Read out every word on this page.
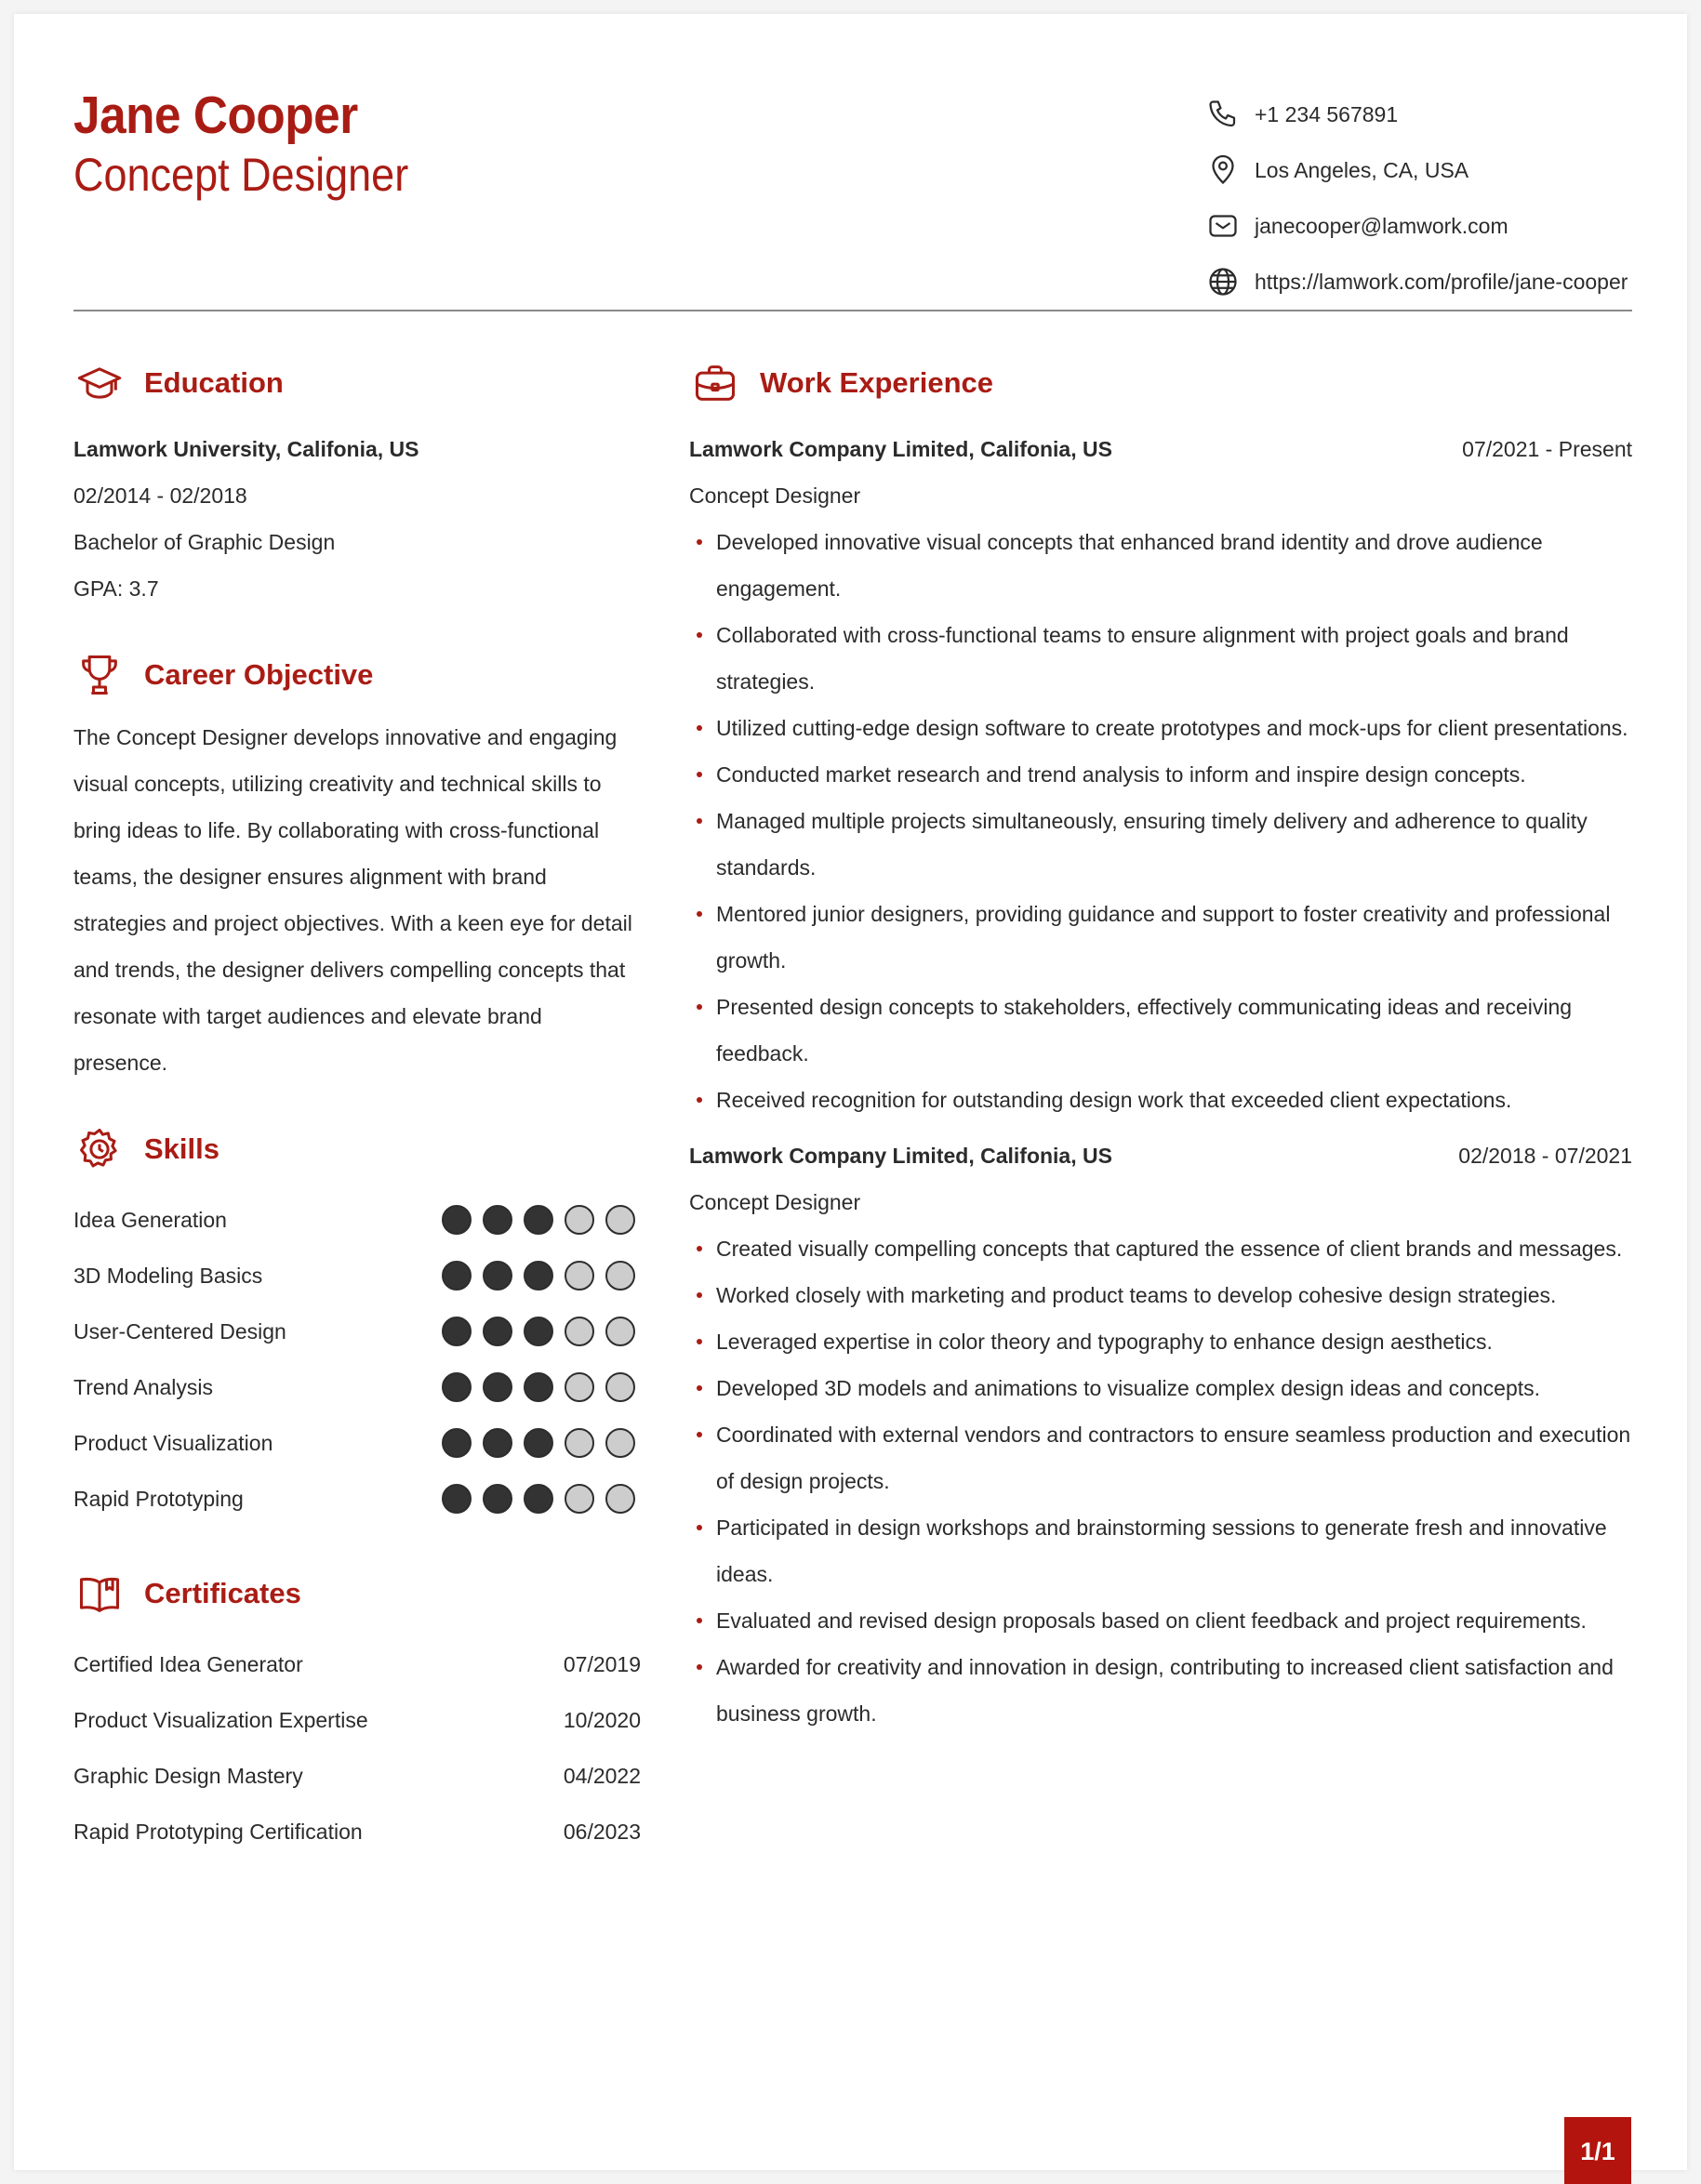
Jane Cooper
Concept Designer
+1 234 567891
Los Angeles, CA, USA
janecooper@lamwork.com
https://lamwork.com/profile/jane-cooper
Education
Lamwork University, Califonia, US
02/2014 - 02/2018
Bachelor of Graphic Design
GPA: 3.7
Career Objective
The Concept Designer develops innovative and engaging visual concepts, utilizing creativity and technical skills to bring ideas to life. By collaborating with cross-functional teams, the designer ensures alignment with brand strategies and project objectives. With a keen eye for detail and trends, the designer delivers compelling concepts that resonate with target audiences and elevate brand presence.
Skills
Idea Generation
3D Modeling Basics
User-Centered Design
Trend Analysis
Product Visualization
Rapid Prototyping
Certificates
Certified Idea Generator	07/2019
Product Visualization Expertise	10/2020
Graphic Design Mastery	04/2022
Rapid Prototyping Certification	06/2023
Work Experience
Lamwork Company Limited, Califonia, US	07/2021 - Present
Concept Designer
Developed innovative visual concepts that enhanced brand identity and drove audience engagement.
Collaborated with cross-functional teams to ensure alignment with project goals and brand strategies.
Utilized cutting-edge design software to create prototypes and mock-ups for client presentations.
Conducted market research and trend analysis to inform and inspire design concepts.
Managed multiple projects simultaneously, ensuring timely delivery and adherence to quality standards.
Mentored junior designers, providing guidance and support to foster creativity and professional growth.
Presented design concepts to stakeholders, effectively communicating ideas and receiving feedback.
Received recognition for outstanding design work that exceeded client expectations.
Lamwork Company Limited, Califonia, US	02/2018 - 07/2021
Concept Designer
Created visually compelling concepts that captured the essence of client brands and messages.
Worked closely with marketing and product teams to develop cohesive design strategies.
Leveraged expertise in color theory and typography to enhance design aesthetics.
Developed 3D models and animations to visualize complex design ideas and concepts.
Coordinated with external vendors and contractors to ensure seamless production and execution of design projects.
Participated in design workshops and brainstorming sessions to generate fresh and innovative ideas.
Evaluated and revised design proposals based on client feedback and project requirements.
Awarded for creativity and innovation in design, contributing to increased client satisfaction and business growth.
1/1
